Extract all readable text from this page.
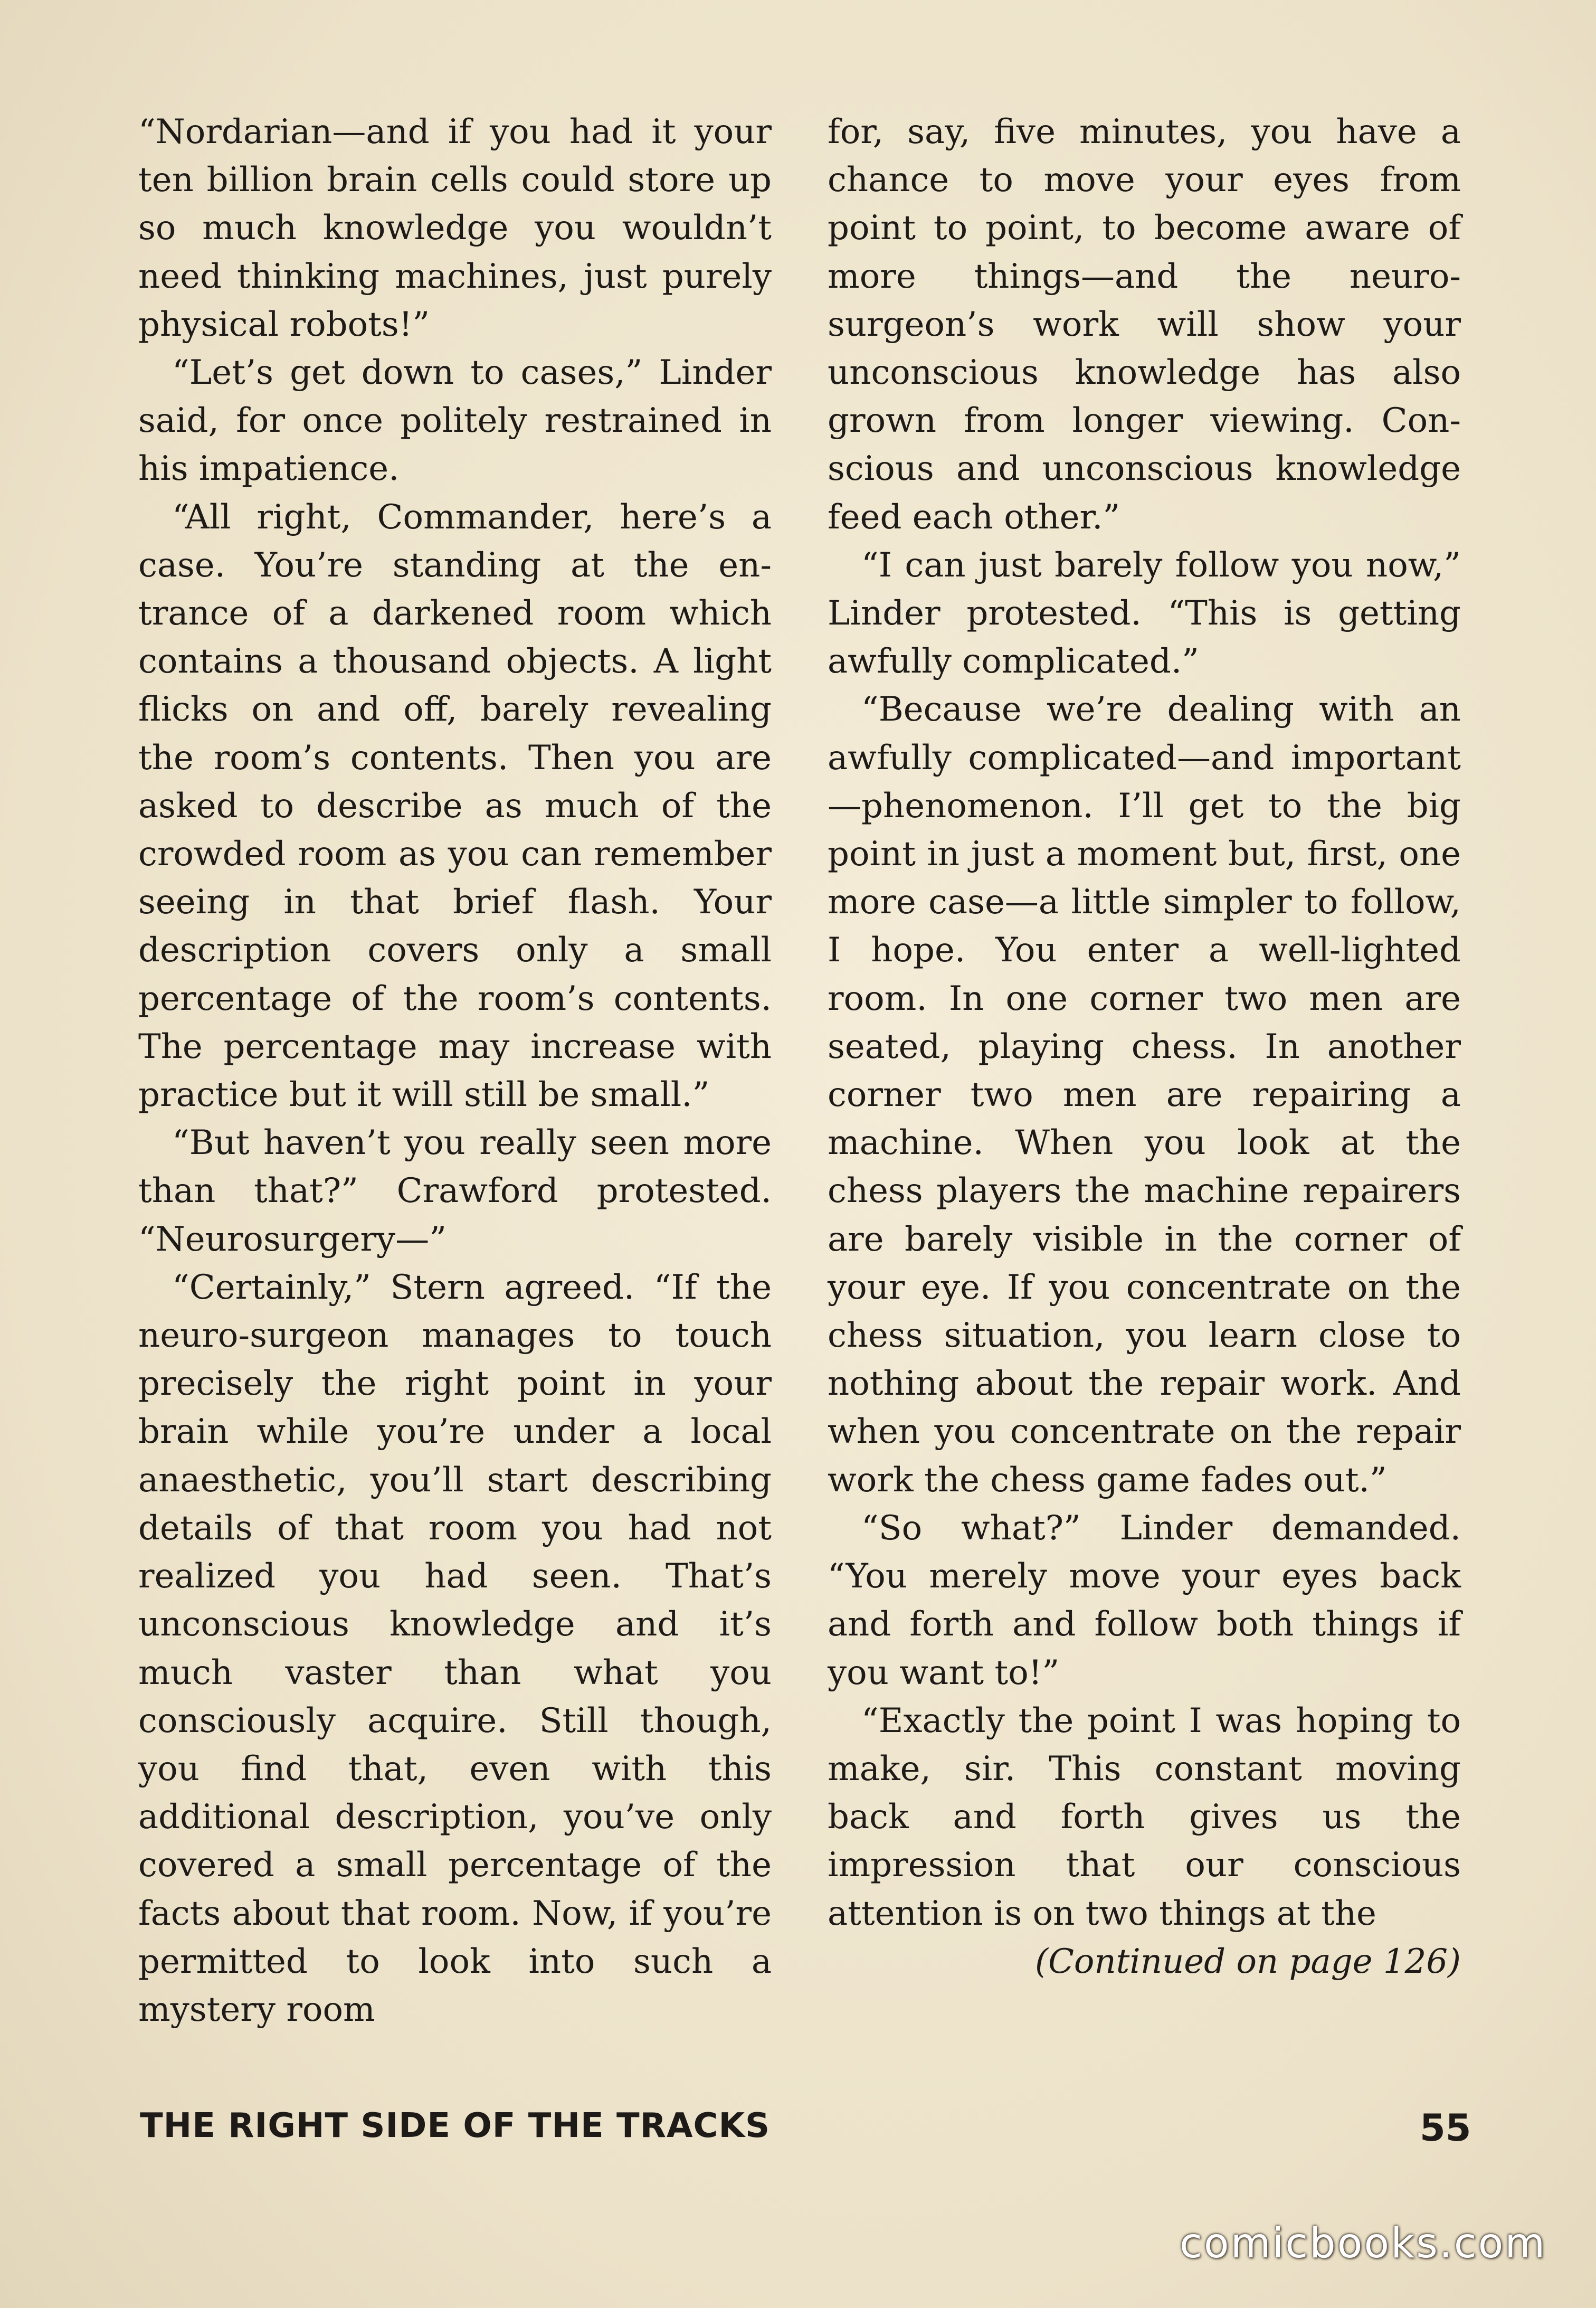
“Nordarian—and if you had it your ten billion brain cells could store up so much knowledge you wouldn’t need thinking machines, just purely physical robots!”

“Let’s get down to cases,” Linder said, for once politely restrained in his impatience.

“All right, Commander, here’s a case. You’re standing at the entrance of a darkened room which contains a thousand objects. A light flicks on and off, barely revealing the room’s contents. Then you are asked to describe as much of the crowded room as you can remember seeing in that brief flash. Your description covers only a small percentage of the room’s contents. The percentage may increase with practice but it will still be small.”

“But haven’t you really seen more than that?” Crawford protested. “Neurosurgery—”

“Certainly,” Stern agreed. “If the neuro-surgeon manages to touch precisely the right point in your brain while you’re under a local anaesthetic, you’ll start describing details of that room you had not realized you had seen. That’s unconscious knowledge and it’s much vaster than what you consciously acquire. Still though, you find that, even with this additional description, you’ve only covered a small percentage of the facts about that room. Now, if you’re permitted to look into such a mystery room

for, say, five minutes, you have a chance to move your eyes from point to point, to become aware of more things—and the neurosurgeon’s work will show your unconscious knowledge has also grown from longer viewing. Conscious and unconscious knowledge feed each other.”

“I can just barely follow you now,” Linder protested. “This is getting awfully complicated.”

“Because we’re dealing with an awfully complicated—and important—phenomenon. I’ll get to the big point in just a moment but, first, one more case—a little simpler to follow, I hope. You enter a well-lighted room. In one corner two men are seated, playing chess. In another corner two men are repairing a machine. When you look at the chess players the machine repairers are barely visible in the corner of your eye. If you concentrate on the chess situation, you learn close to nothing about the repair work. And when you concentrate on the repair work the chess game fades out.”

“So what?” Linder demanded. “You merely move your eyes back and forth and follow both things if you want to!”

“Exactly the point I was hoping to make, sir. This constant moving back and forth gives us the impression that our conscious attention is on two things at the

(Continued on page 126)

THE RIGHT SIDE OF THE TRACKS	55
comicbooks.com
